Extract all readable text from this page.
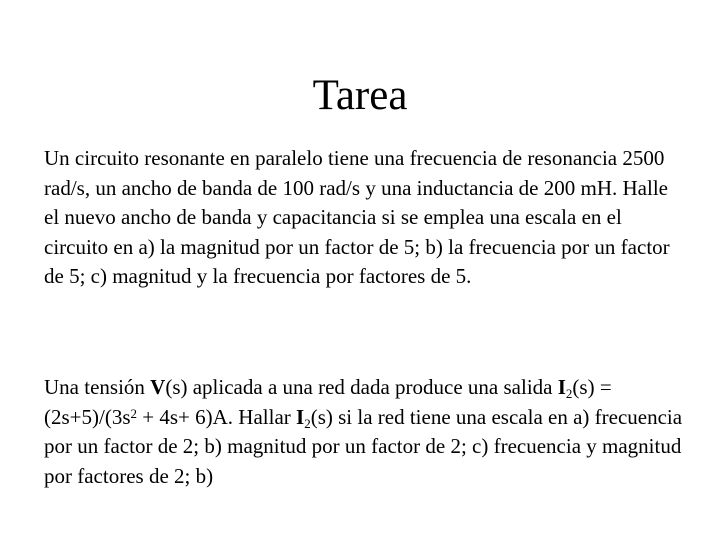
Tarea

Un circuito resonante en paralelo tiene una frecuencia de resonancia 2500 rad/s, un ancho de banda de 100 rad/s y una inductancia de 200 mH. Halle el nuevo ancho de banda y capacitancia si se emplea una escala en el circuito en a) la magnitud por un factor de 5; b) la frecuencia por un factor de 5; c) magnitud y la frecuencia por factores de 5.

Una tensión V(s) aplicada a una red dada produce una salida $I_2(s) = (2s+5)/(3s^2 + 4s+ 6)A$. Hallar $I_2(s)$ si la red tiene una escala en a) frecuencia por un factor de 2; b) magnitud por un factor de 2; c) frecuencia y magnitud por factores de 2; b)
